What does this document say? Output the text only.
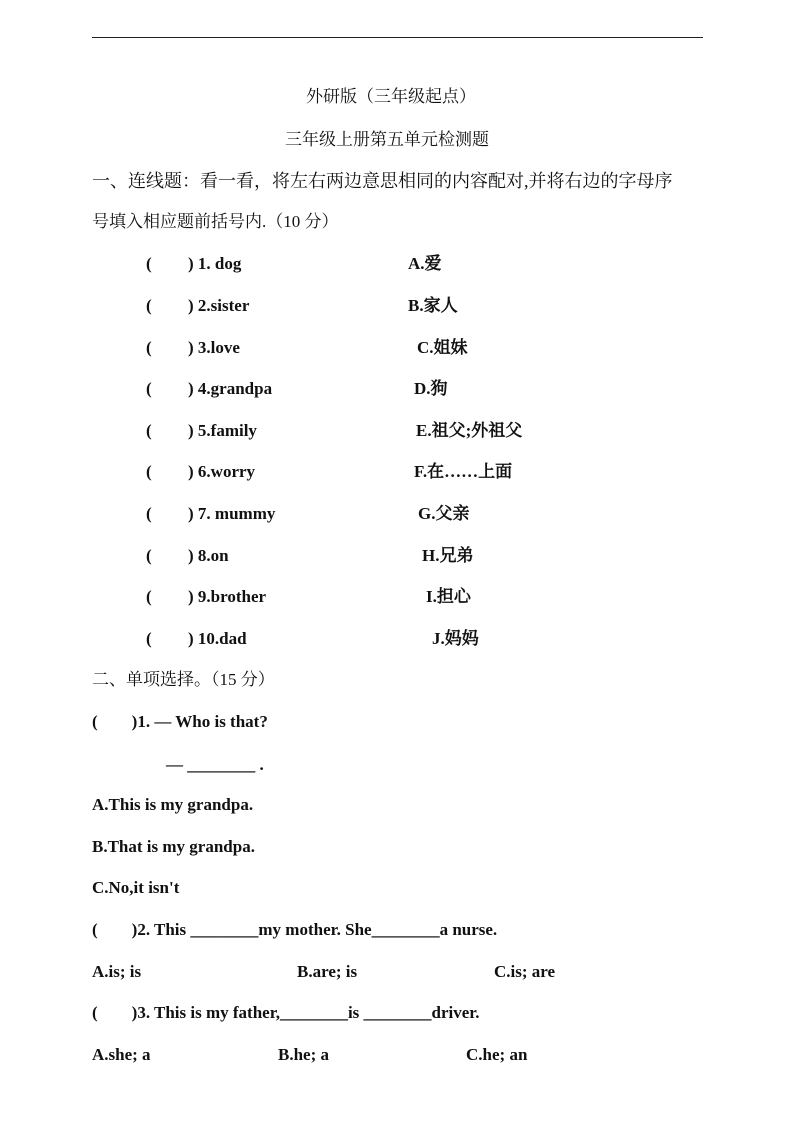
外研版（三年级起点）
三年级上册第五单元检测题
一、连线题：看一看，将左右两边意思相同的内容配对,并将右边的字母序
号填入相应题前括号内.（10 分）
( ) 1. dog	A.爱
( ) 2.sister	B.家人
( ) 3.love	C.姐妹
( ) 4.grandpa	D.狗
( ) 5.family	E.祖父;外祖父
( ) 6.worry	F.在……上面
( ) 7. mummy	G.父亲
( ) 8.on	H.兄弟
( ) 9.brother	I.担心
( ) 10.dad	J.妈妈
二、单项选择。（15 分）
(        )1. — Who is that?
— ________ .
A.This is my grandpa.
B.That is my grandpa.
C.No,it isn't
(        )2. This ________my mother. She________a nurse.
A.is; is	B.are; is	C.is; are
(        )3. This is my father,________is ________driver.
A.she; a	B.he; a	C.he; an
